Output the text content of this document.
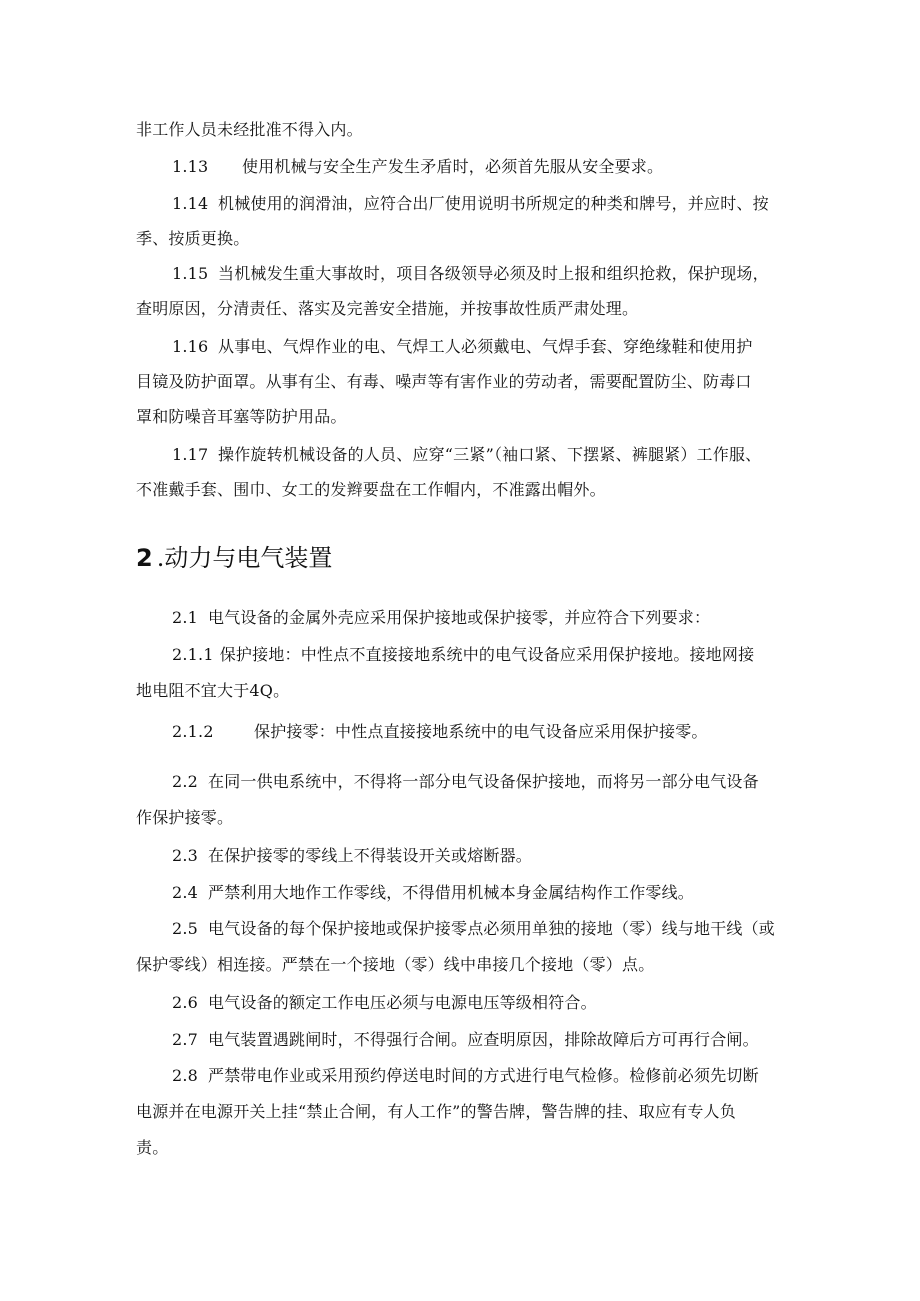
非工作人员未经批准不得入内。
1.13 使用机械与安全生产发生矛盾时，必须首先服从安全要求。
1.14 机械使用的润滑油，应符合出厂使用说明书所规定的种类和牌号，并应时、按
季、按质更换。
1.15 当机械发生重大事故时，项目各级领导必须及时上报和组织抢救，保护现场，
查明原因，分清责任、落实及完善安全措施，并按事故性质严肃处理。
1.16 从事电、气焊作业的电、气焊工人必须戴电、气焊手套、穿绝缘鞋和使用护
目镜及防护面罩。从事有尘、有毒、噪声等有害作业的劳动者，需要配置防尘、防毒口
罩和防噪音耳塞等防护用品。
1.17 操作旋转机械设备的人员、应穿“三紧”（袖口紧、下摆紧、裤腿紧）工作服、
不准戴手套、围巾、女工的发辫要盘在工作帽内，不准露出帽外。
2 .动力与电气装置
2.1 电气设备的金属外壳应采用保护接地或保护接零，并应符合下列要求：
2.1.1 保护接地：中性点不直接接地系统中的电气设备应采用保护接地。接地网接
地电阻不宜大于4Q。
2.1.2	保护接零：中性点直接接地系统中的电气设备应采用保护接零。
2.2 在同一供电系统中，不得将一部分电气设备保护接地，而将另一部分电气设备
作保护接零。
2.3 在保护接零的零线上不得装设开关或熔断器。
2.4 严禁利用大地作工作零线，不得借用机械本身金属结构作工作零线。
2.5 电气设备的每个保护接地或保护接零点必须用单独的接地（零）线与地干线（或
保护零线）相连接。严禁在一个接地（零）线中串接几个接地（零）点。
2.6 电气设备的额定工作电压必须与电源电压等级相符合。
2.7 电气装置遇跳闸时，不得强行合闸。应查明原因，排除故障后方可再行合闸。
2.8 严禁带电作业或采用预约停送电时间的方式进行电气检修。检修前必须先切断
电源并在电源开关上挂“禁止合闸，有人工作”的警告牌，警告牌的挂、取应有专人负
责。
